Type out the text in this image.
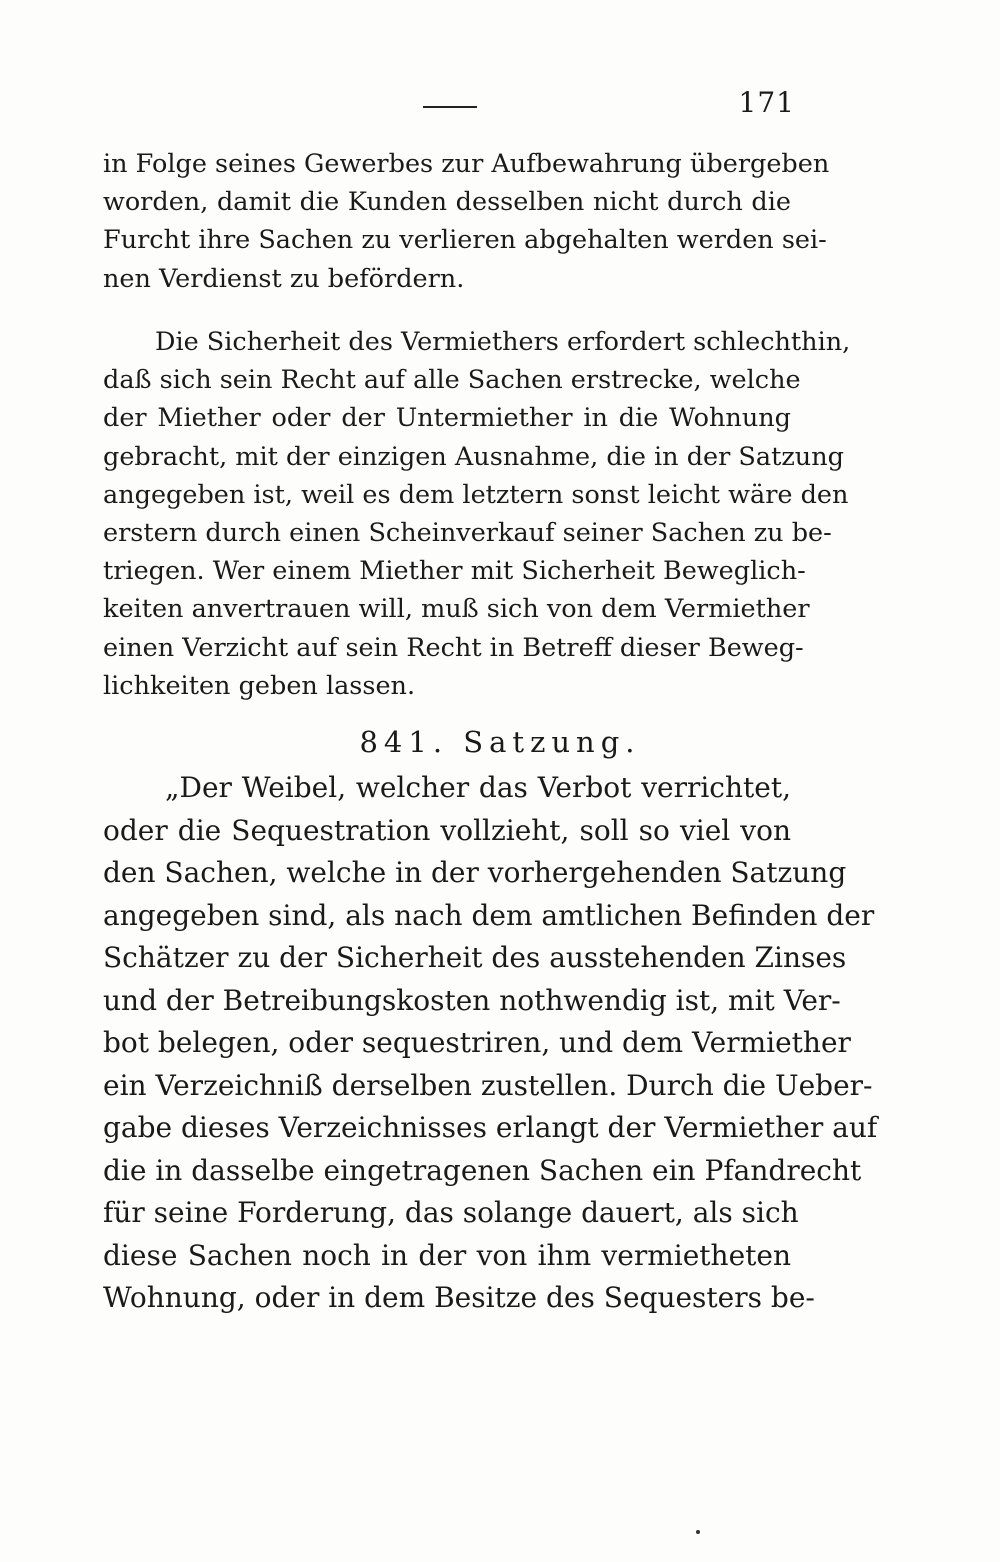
171
in Folge seines Gewerbes zur Aufbewahrung übergeben
worden, damit die Kunden desselben nicht durch die
Furcht ihre Sachen zu verlieren abgehalten werden sei-
nen Verdienst zu befördern.
Die Sicherheit des Vermiethers erfordert schlechthin,
daß sich sein Recht auf alle Sachen erstrecke, welche
der Miether oder der Untermiether in die Wohnung
gebracht, mit der einzigen Ausnahme, die in der Satzung
angegeben ist, weil es dem letztern sonst leicht wäre den
erstern durch einen Scheinverkauf seiner Sachen zu be-
triegen. Wer einem Miether mit Sicherheit Beweglich-
keiten anvertrauen will, muß sich von dem Vermiether
einen Verzicht auf sein Recht in Betreff dieser Beweg-
lichkeiten geben lassen.
841. Satzung.
„Der Weibel, welcher das Verbot verrichtet,
oder die Sequestration vollzieht, soll so viel von
den Sachen, welche in der vorhergehenden Satzung
angegeben sind, als nach dem amtlichen Befinden der
Schätzer zu der Sicherheit des ausstehenden Zinses
und der Betreibungskosten nothwendig ist, mit Ver-
bot belegen, oder sequestriren, und dem Vermiether
ein Verzeichniß derselben zustellen. Durch die Ueber-
gabe dieses Verzeichnisses erlangt der Vermiether auf
die in dasselbe eingetragenen Sachen ein Pfandrecht
für seine Forderung, das solange dauert, als sich
diese Sachen noch in der von ihm vermietheten
Wohnung, oder in dem Besitze des Sequesters be-
